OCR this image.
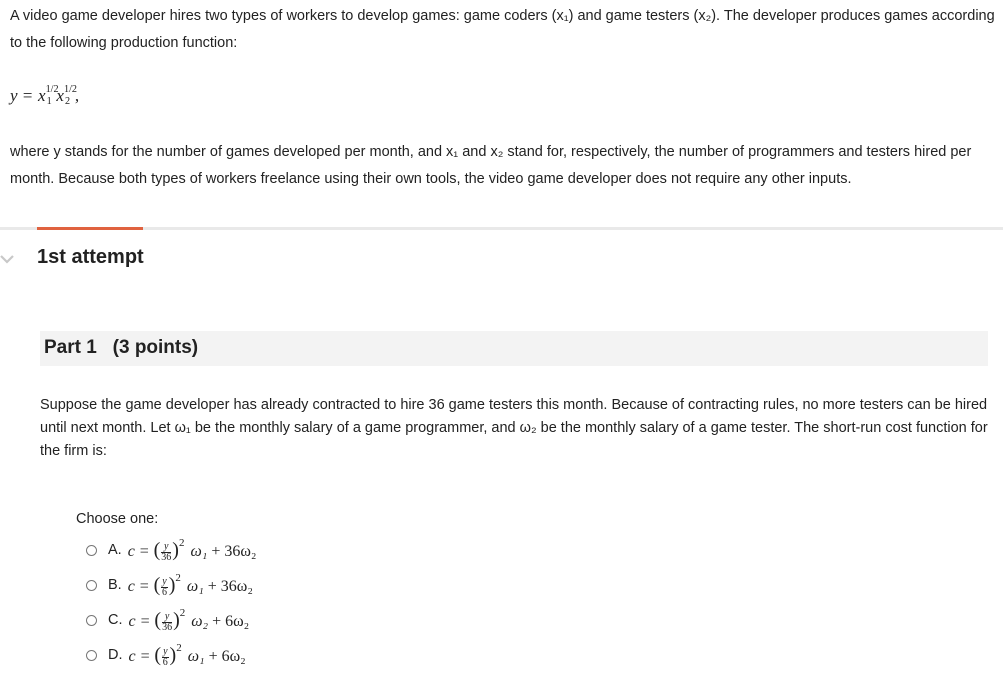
A video game developer hires two types of workers to develop games: game coders (x₁) and game testers (x₂). The developer produces games according to the following production function:

$y = x^{1/2}_1$ $x^{1/2}_2$ ,

where y stands for the number of games developed per month, and x₁ and x₂ stand for, respectively, the number of programmers and testers hired per month. Because both types of workers freelance using their own tools, the video game developer does not require any other inputs.

1st attempt
Part 1   (3 points)

Suppose the game developer has already contracted to hire 36 game testers this month. Because of contracting rules, no more testers can be hired until next month. Let ω₁ be the monthly salary of a game programmer, and ω₂ be the monthly salary of a game tester. The short-run cost function for the firm is:

Choose one:
A. c = ( $\frac{y}{36} )^2$ ω₁ + 36ω₂
B. c = ( $\frac{y}{6} )^2$ ω₁ + 36ω₂
C. c = ( $\frac{y}{36} )^2$ ω₂ + 6ω₂
D. c = ( $\frac{y}{6} )^2$ ω₁ + 6ω₂
